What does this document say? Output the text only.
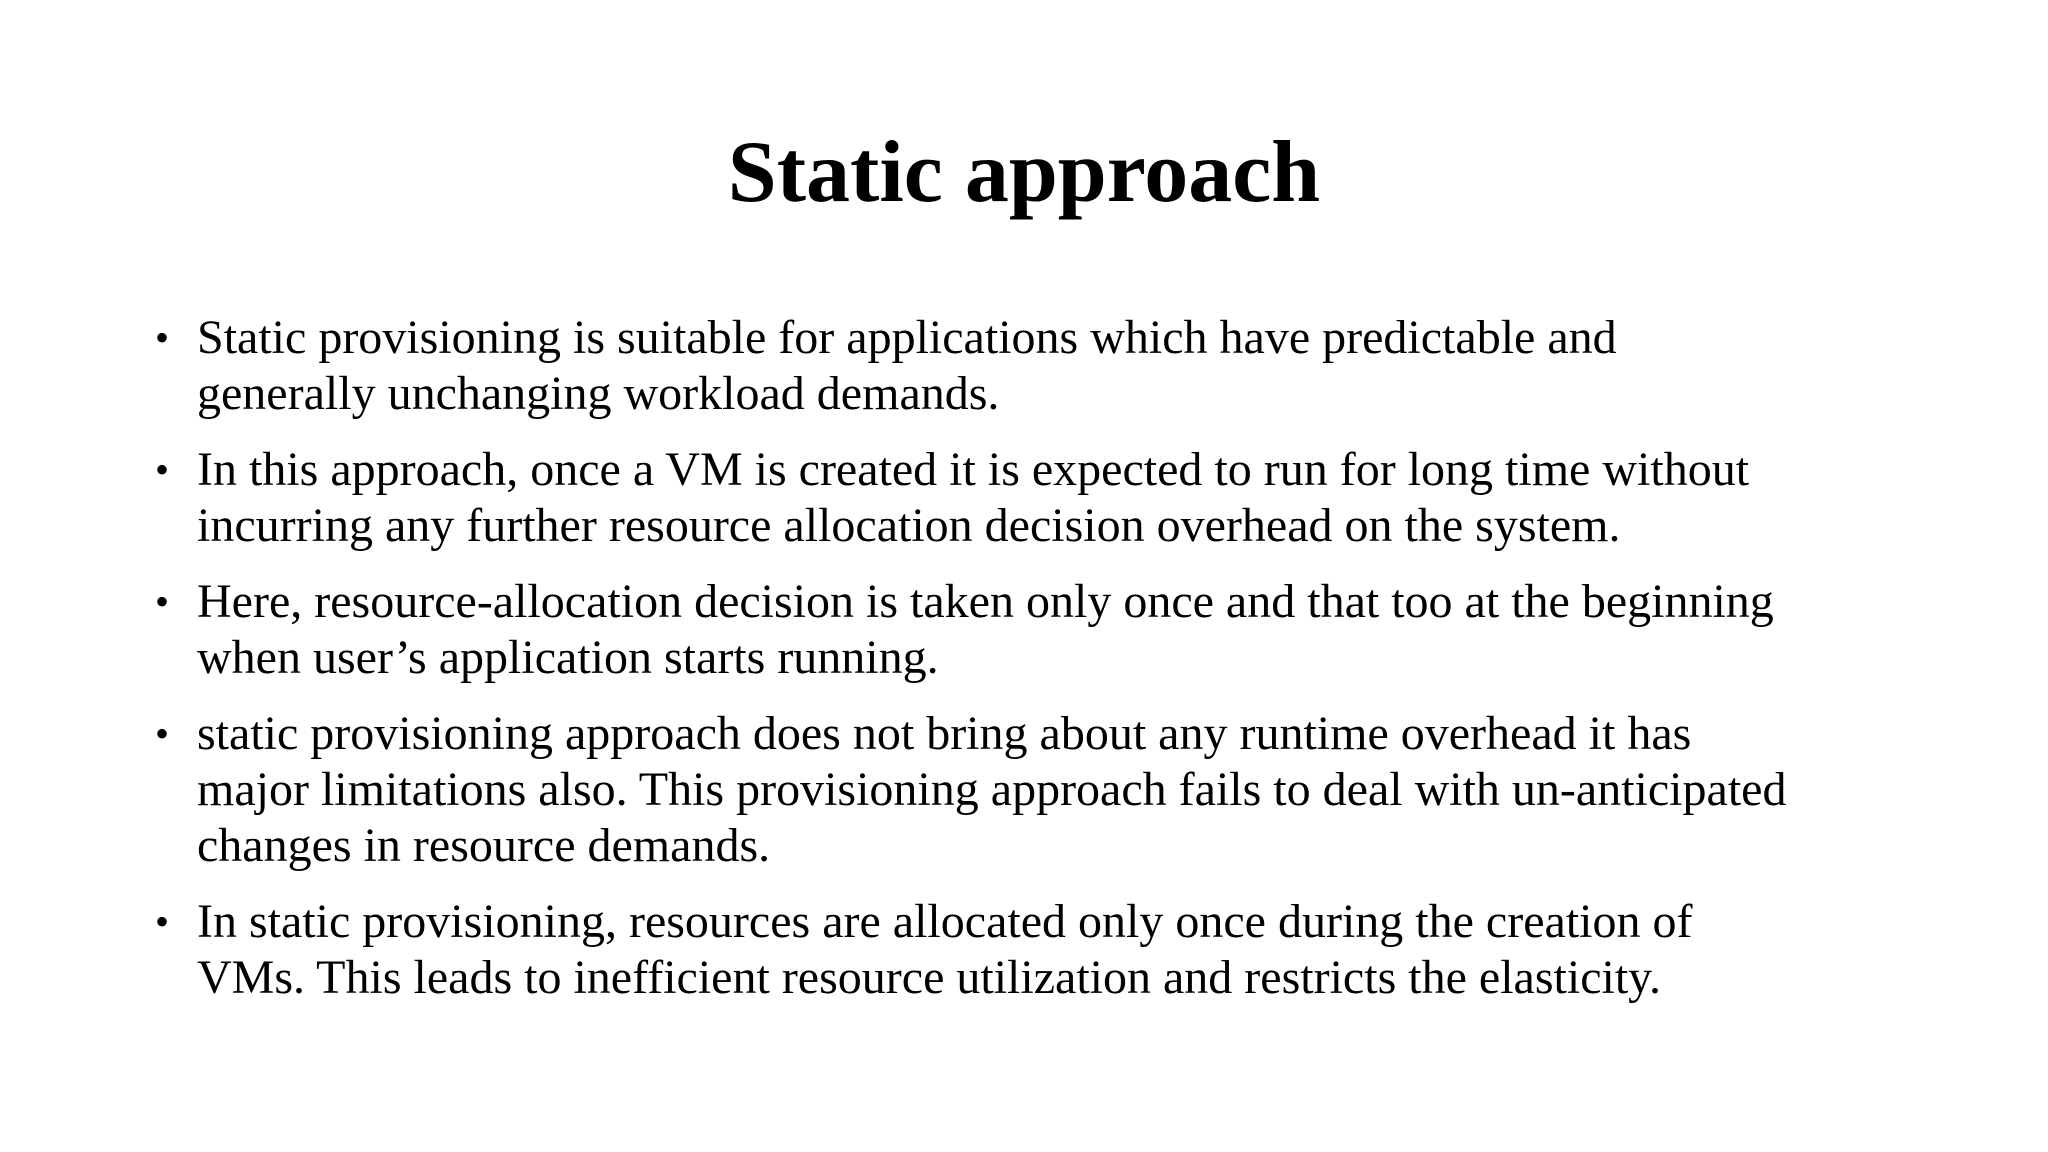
Static approach
• Static provisioning is suitable for applications which have predictable and
generally unchanging workload demands.
• In this approach, once a VM is created it is expected to run for long time without
incurring any further resource allocation decision overhead on the system.
• Here, resource-allocation decision is taken only once and that too at the beginning
when user’s application starts running.
• static provisioning approach does not bring about any runtime overhead it has
major limitations also. This provisioning approach fails to deal with un-anticipated
changes in resource demands.
• In static provisioning, resources are allocated only once during the creation of
VMs. This leads to inefficient resource utilization and restricts the elasticity.
